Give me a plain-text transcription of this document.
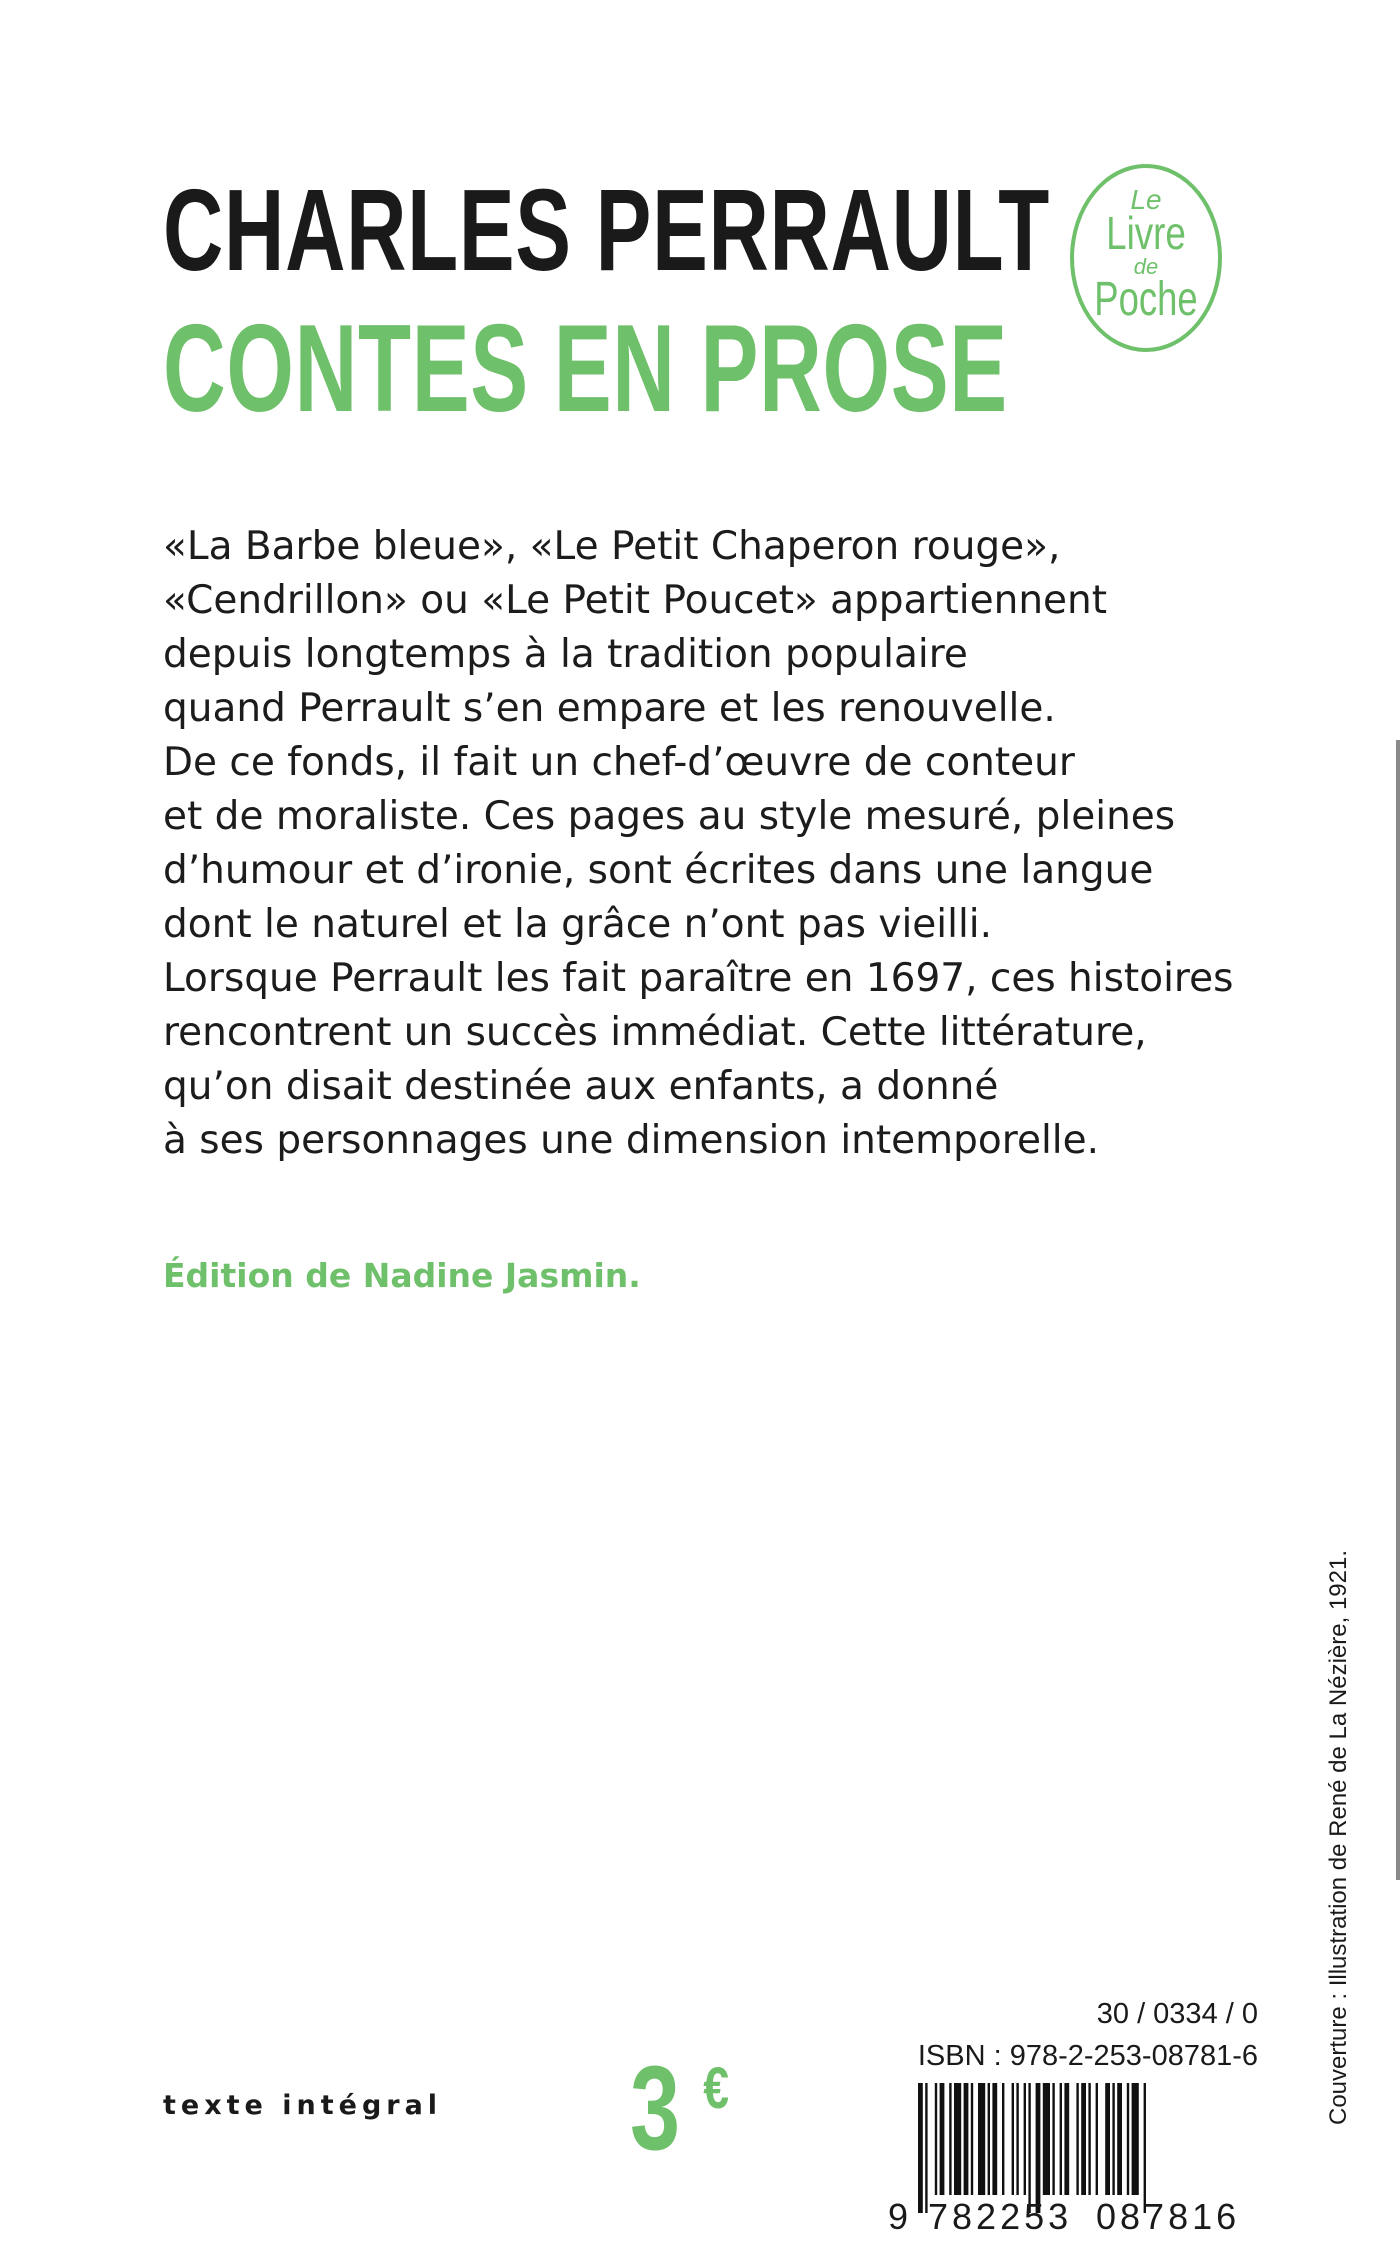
CHARLES PERRAULT
CONTES EN PROSE
Le
Livre
de
Poche

«La Barbe bleue», «Le Petit Chaperon rouge»,
«Cendrillon» ou «Le Petit Poucet» appartiennent
depuis longtemps à la tradition populaire
quand Perrault s’en empare et les renouvelle.
De ce fonds, il fait un chef-d’œuvre de conteur
et de moraliste. Ces pages au style mesuré, pleines
d’humour et d’ironie, sont écrites dans une langue
dont le naturel et la grâce n’ont pas vieilli.
Lorsque Perrault les fait paraître en 1697, ces histoires
rencontrent un succès immédiat. Cette littérature,
qu’on disait destinée aux enfants, a donné
à ses personnages une dimension intemporelle.

Édition de Nadine Jasmin.

Couverture : Illustration de René de La Nézière, 1921.
texte intégral 3 €
30 / 0334 / 0
ISBN : 978-2-253-08781-6
9 782253 087816
